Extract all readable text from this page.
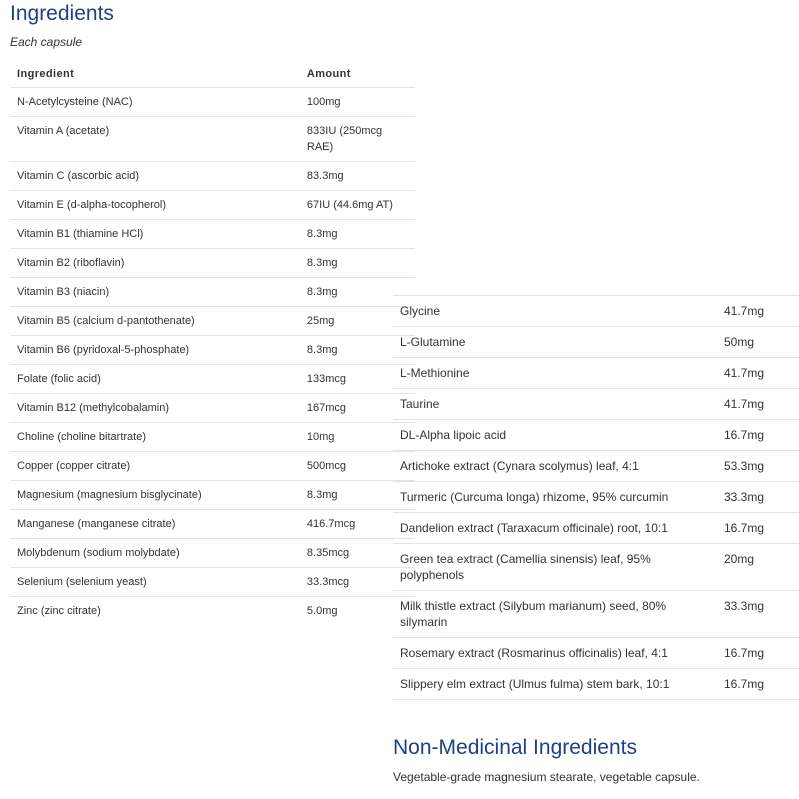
Ingredients
Each capsule
Ingredient	Amount
N-Acetylcysteine (NAC)	100mg
Vitamin A (acetate)	833IU (250mcg RAE)
Vitamin C (ascorbic acid)	83.3mg
Vitamin E (d-alpha-tocopherol)	67IU (44.6mg AT)
Vitamin B1 (thiamine HCl)	8.3mg
Vitamin B2 (riboflavin)	8.3mg
Vitamin B3 (niacin)	8.3mg
Vitamin B5 (calcium d-pantothenate)	25mg
Vitamin B6 (pyridoxal-5-phosphate)	8.3mg
Folate (folic acid)	133mcg
Vitamin B12 (methylcobalamin)	167mcg
Choline (choline bitartrate)	10mg
Copper (copper citrate)	500mcg
Magnesium (magnesium bisglycinate)	8.3mg
Manganese (manganese citrate)	416.7mcg
Molybdenum (sodium molybdate)	8.35mcg
Selenium (selenium yeast)	33.3mcg
Zinc (zinc citrate)	5.0mg
Glycine	41.7mg
L-Glutamine	50mg
L-Methionine	41.7mg
Taurine	41.7mg
DL-Alpha lipoic acid	16.7mg
Artichoke extract (Cynara scolymus) leaf, 4:1	53.3mg
Turmeric (Curcuma longa) rhizome, 95% curcumin	33.3mg
Dandelion extract (Taraxacum officinale) root, 10:1	16.7mg
Green tea extract (Camellia sinensis) leaf, 95% polyphenols	20mg
Milk thistle extract (Silybum marianum) seed, 80% silymarin	33.3mg
Rosemary extract (Rosmarinus officinalis) leaf, 4:1	16.7mg
Slippery elm extract (Ulmus fulma) stem bark, 10:1	16.7mg
Non-Medicinal Ingredients
Vegetable-grade magnesium stearate, vegetable capsule.
